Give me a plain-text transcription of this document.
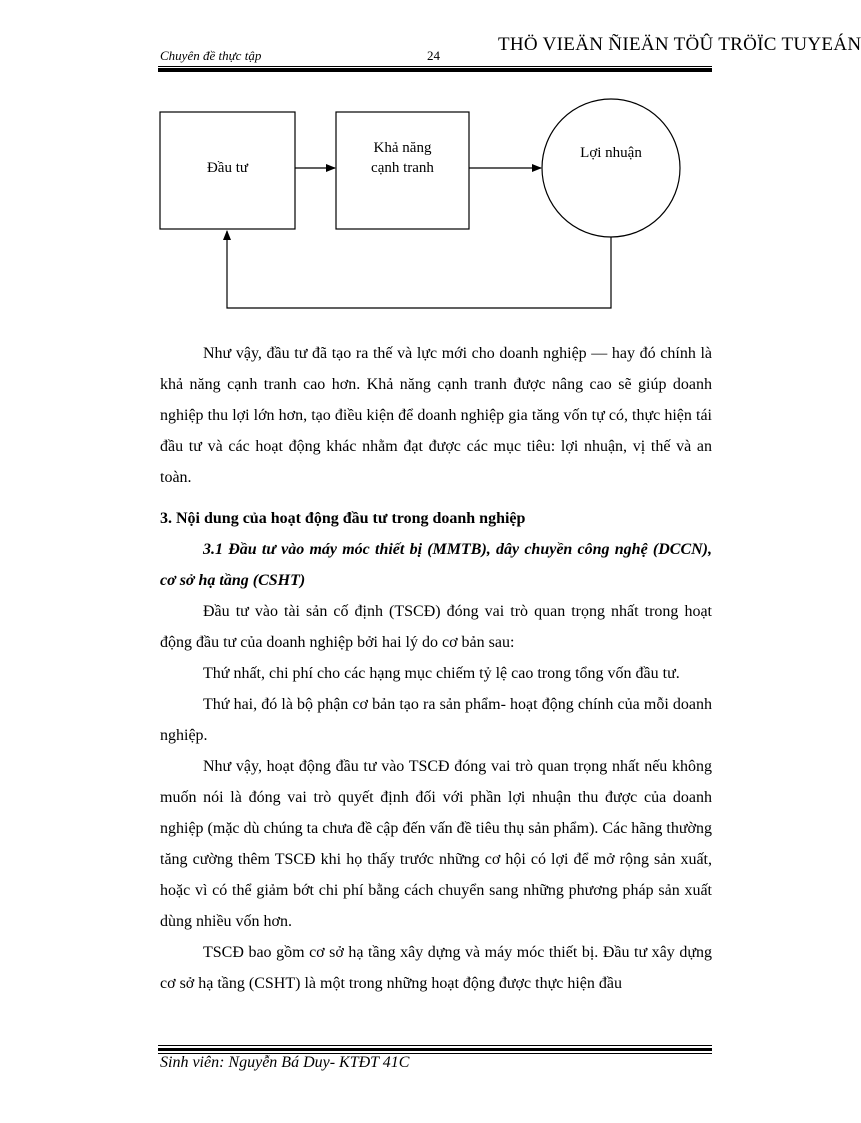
Chuyên đề thực tập	24
THÖ VIEÄN ÑIEÄN TÖÛ TRÖÏC TUYEÁN
Đầu tư
Khả năng
cạnh tranh
Lợi nhuận

Như vậy, đầu tư đã tạo ra thế và lực mới cho doanh nghiệp — hay đó chính là khả năng cạnh tranh cao hơn. Khả năng cạnh tranh được nâng cao sẽ giúp doanh nghiệp thu lợi lớn hơn, tạo điều kiện để doanh nghiệp gia tăng vốn tự có, thực hiện tái đầu tư và các hoạt động khác nhằm đạt được các mục tiêu: lợi nhuận, vị thế và an toàn.

3. Nội dung của hoạt động đầu tư trong doanh nghiệp

3.1 Đầu tư vào máy móc thiết bị (MMTB), dây chuyền công nghệ (DCCN), cơ sở hạ tầng (CSHT)

Đầu tư vào tài sản cố định (TSCĐ) đóng vai trò quan trọng nhất trong hoạt động đầu tư của doanh nghiệp bởi hai lý do cơ bản sau:

Thứ nhất, chi phí cho các hạng mục chiếm tỷ lệ cao trong tổng vốn đầu tư.

Thứ hai, đó là bộ phận cơ bản tạo ra sản phẩm- hoạt động chính của mỗi doanh nghiệp.

Như vậy, hoạt động đầu tư vào TSCĐ đóng vai trò quan trọng nhất nếu không muốn nói là đóng vai trò quyết định đối với phần lợi nhuận thu được của doanh nghiệp (mặc dù chúng ta chưa đề cập đến vấn đề tiêu thụ sản phẩm). Các hãng thường tăng cường thêm TSCĐ khi họ thấy trước những cơ hội có lợi để mở rộng sản xuất, hoặc vì có thể giảm bớt chi phí bằng cách chuyển sang những phương pháp sản xuất dùng nhiều vốn hơn.

TSCĐ bao gồm cơ sở hạ tầng xây dựng và máy móc thiết bị. Đầu tư xây dựng cơ sở hạ tầng (CSHT) là một trong những hoạt động được thực hiện đầu

Sinh viên: Nguyễn Bá Duy- KTĐT 41C
